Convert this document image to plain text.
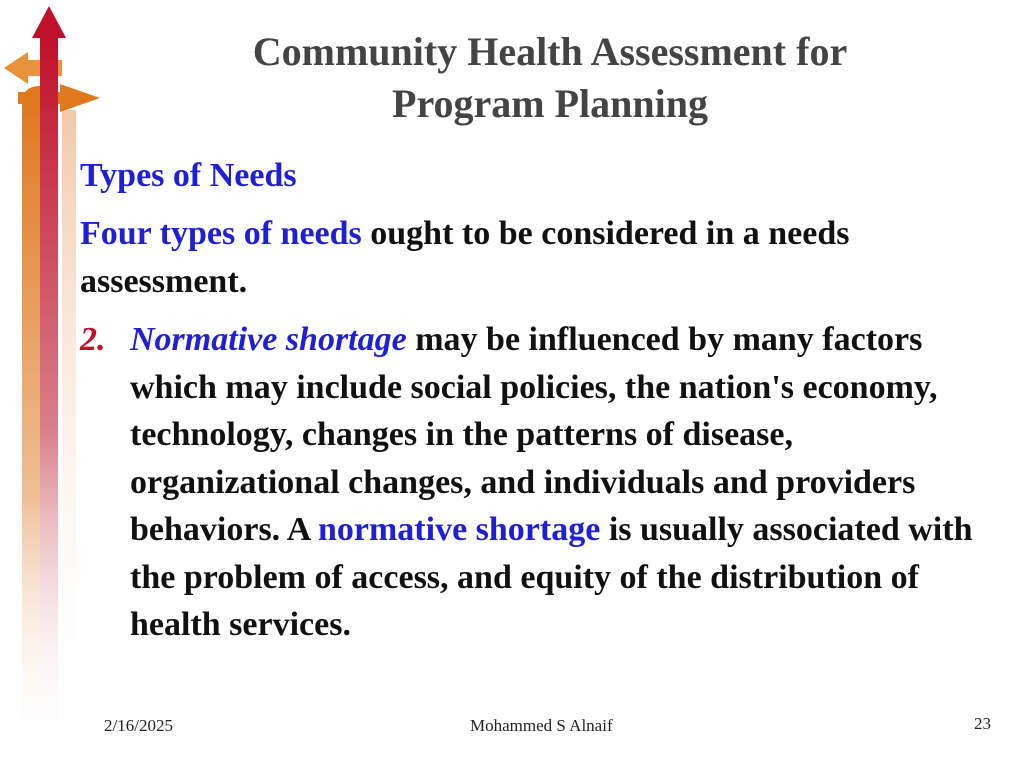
Community Health Assessment for
Program Planning
Types of Needs
Four types of needs ought to be considered in a needs assessment.
2. Normative shortage may be influenced by many factors which may include social policies, the nation's economy, technology, changes in the patterns of disease, organizational changes, and individuals and providers behaviors. A normative shortage is usually associated with the problem of access, and equity of the distribution of health services.
2/16/2025	Mohammed S Alnaif	23
